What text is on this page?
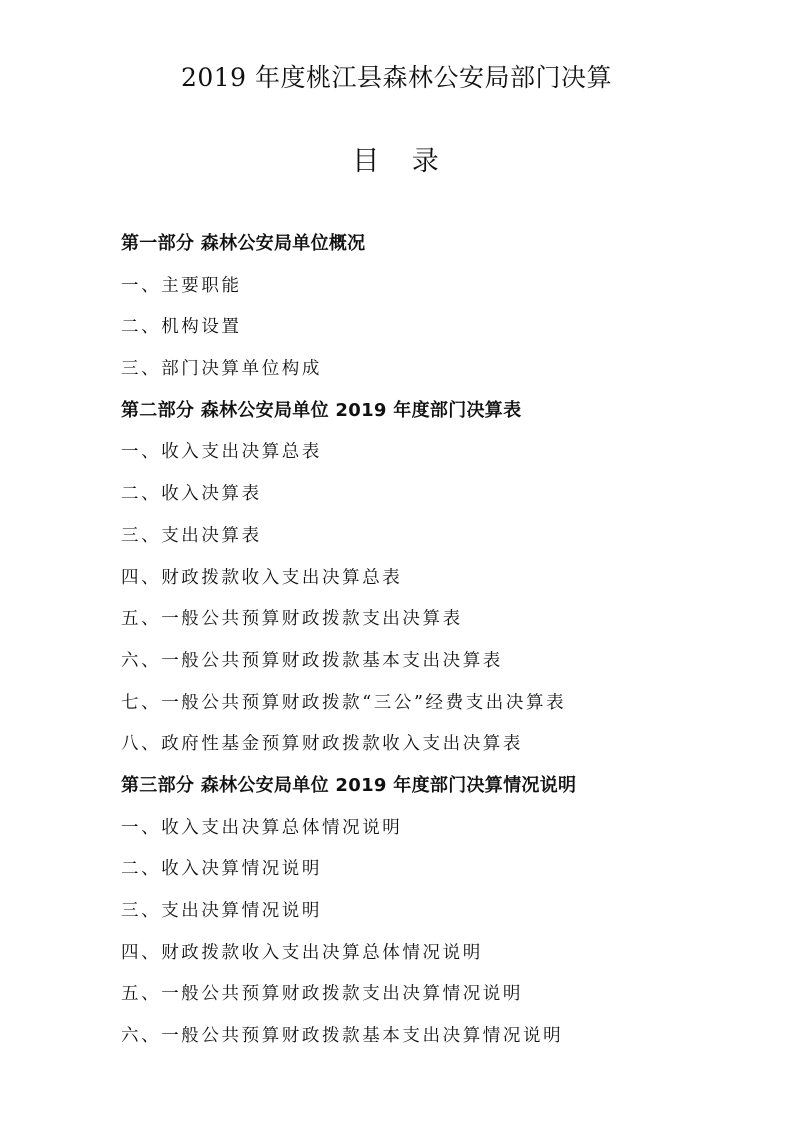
2019 年度桃江县森林公安局部门决算
目 录
第一部分 森林公安局单位概况
一、主要职能
二、机构设置
三、部门决算单位构成
第二部分 森林公安局单位 2019 年度部门决算表
一、收入支出决算总表
二、收入决算表
三、支出决算表
四、财政拨款收入支出决算总表
五、一般公共预算财政拨款支出决算表
六、一般公共预算财政拨款基本支出决算表
七、一般公共预算财政拨款“三公”经费支出决算表
八、政府性基金预算财政拨款收入支出决算表
第三部分 森林公安局单位 2019 年度部门决算情况说明
一、收入支出决算总体情况说明
二、收入决算情况说明
三、支出决算情况说明
四、财政拨款收入支出决算总体情况说明
五、一般公共预算财政拨款支出决算情况说明
六、一般公共预算财政拨款基本支出决算情况说明
